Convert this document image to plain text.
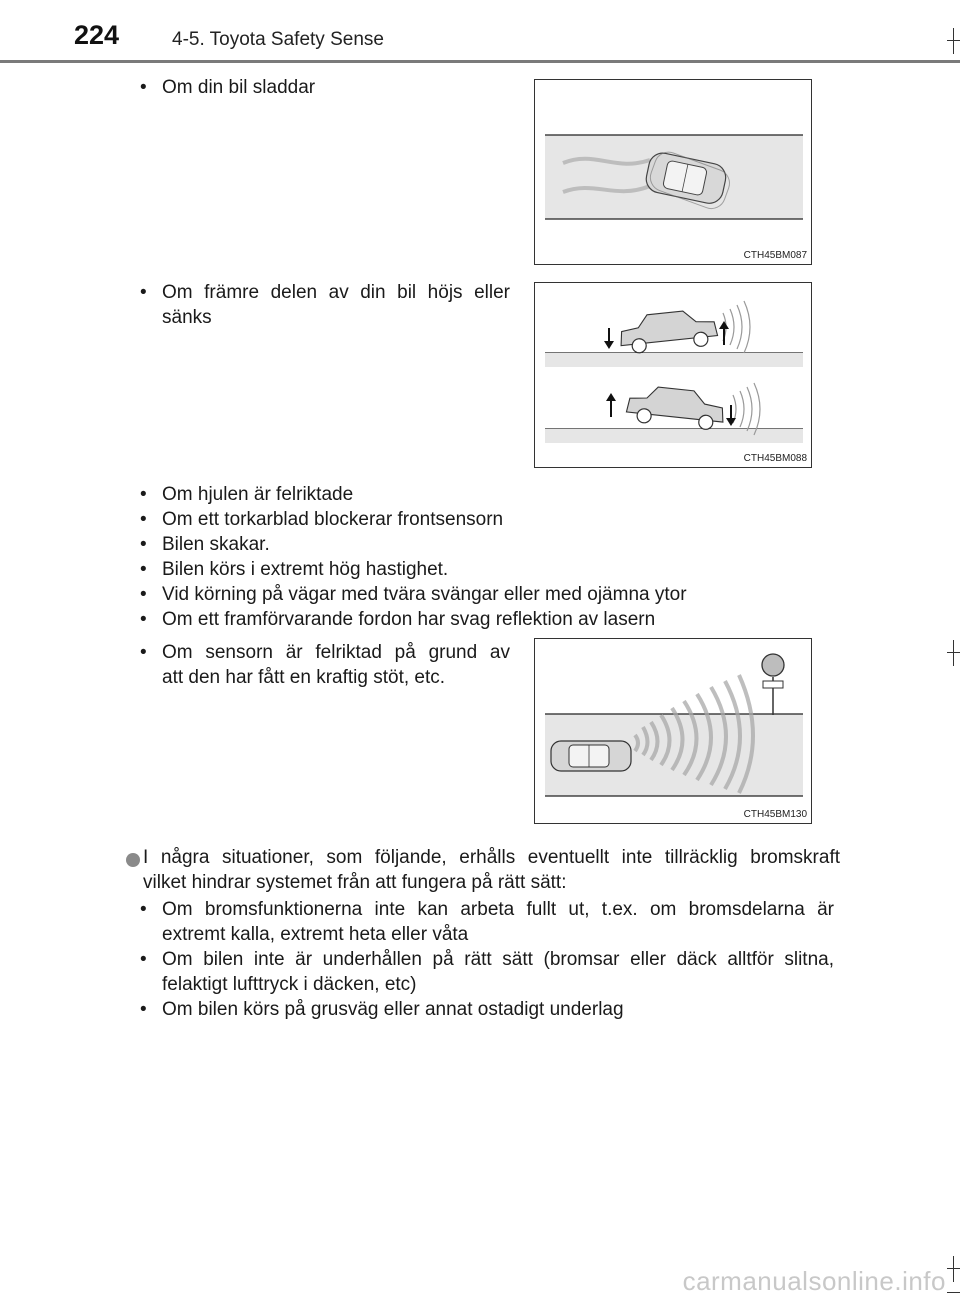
224	4-5. Toyota Safety Sense
• Om din bil sladdar
CTH45BM087
• Om främre delen av din bil höjs eller
sänks
CTH45BM088
• Om hjulen är felriktade
• Om ett torkarblad blockerar frontsensorn
• Bilen skakar.
• Bilen körs i extremt hög hastighet.
• Vid körning på vägar med tvära svängar eller med ojämna ytor
• Om ett framförvarande fordon har svag reflektion av lasern
• Om sensorn är felriktad på grund av
att den har fått en kraftig stöt, etc.
CTH45BM130
I några situationer, som följande, erhålls eventuellt inte tillräcklig bromskraft
vilket hindrar systemet från att fungera på rätt sätt:
• Om bromsfunktionerna inte kan arbeta fullt ut, t.ex. om bromsdelarna är
extremt kalla, extremt heta eller våta
• Om bilen inte är underhållen på rätt sätt (bromsar eller däck alltför slitna,
felaktigt lufttryck i däcken, etc)
• Om bilen körs på grusväg eller annat ostadigt underlag
carmanualsonline.info
